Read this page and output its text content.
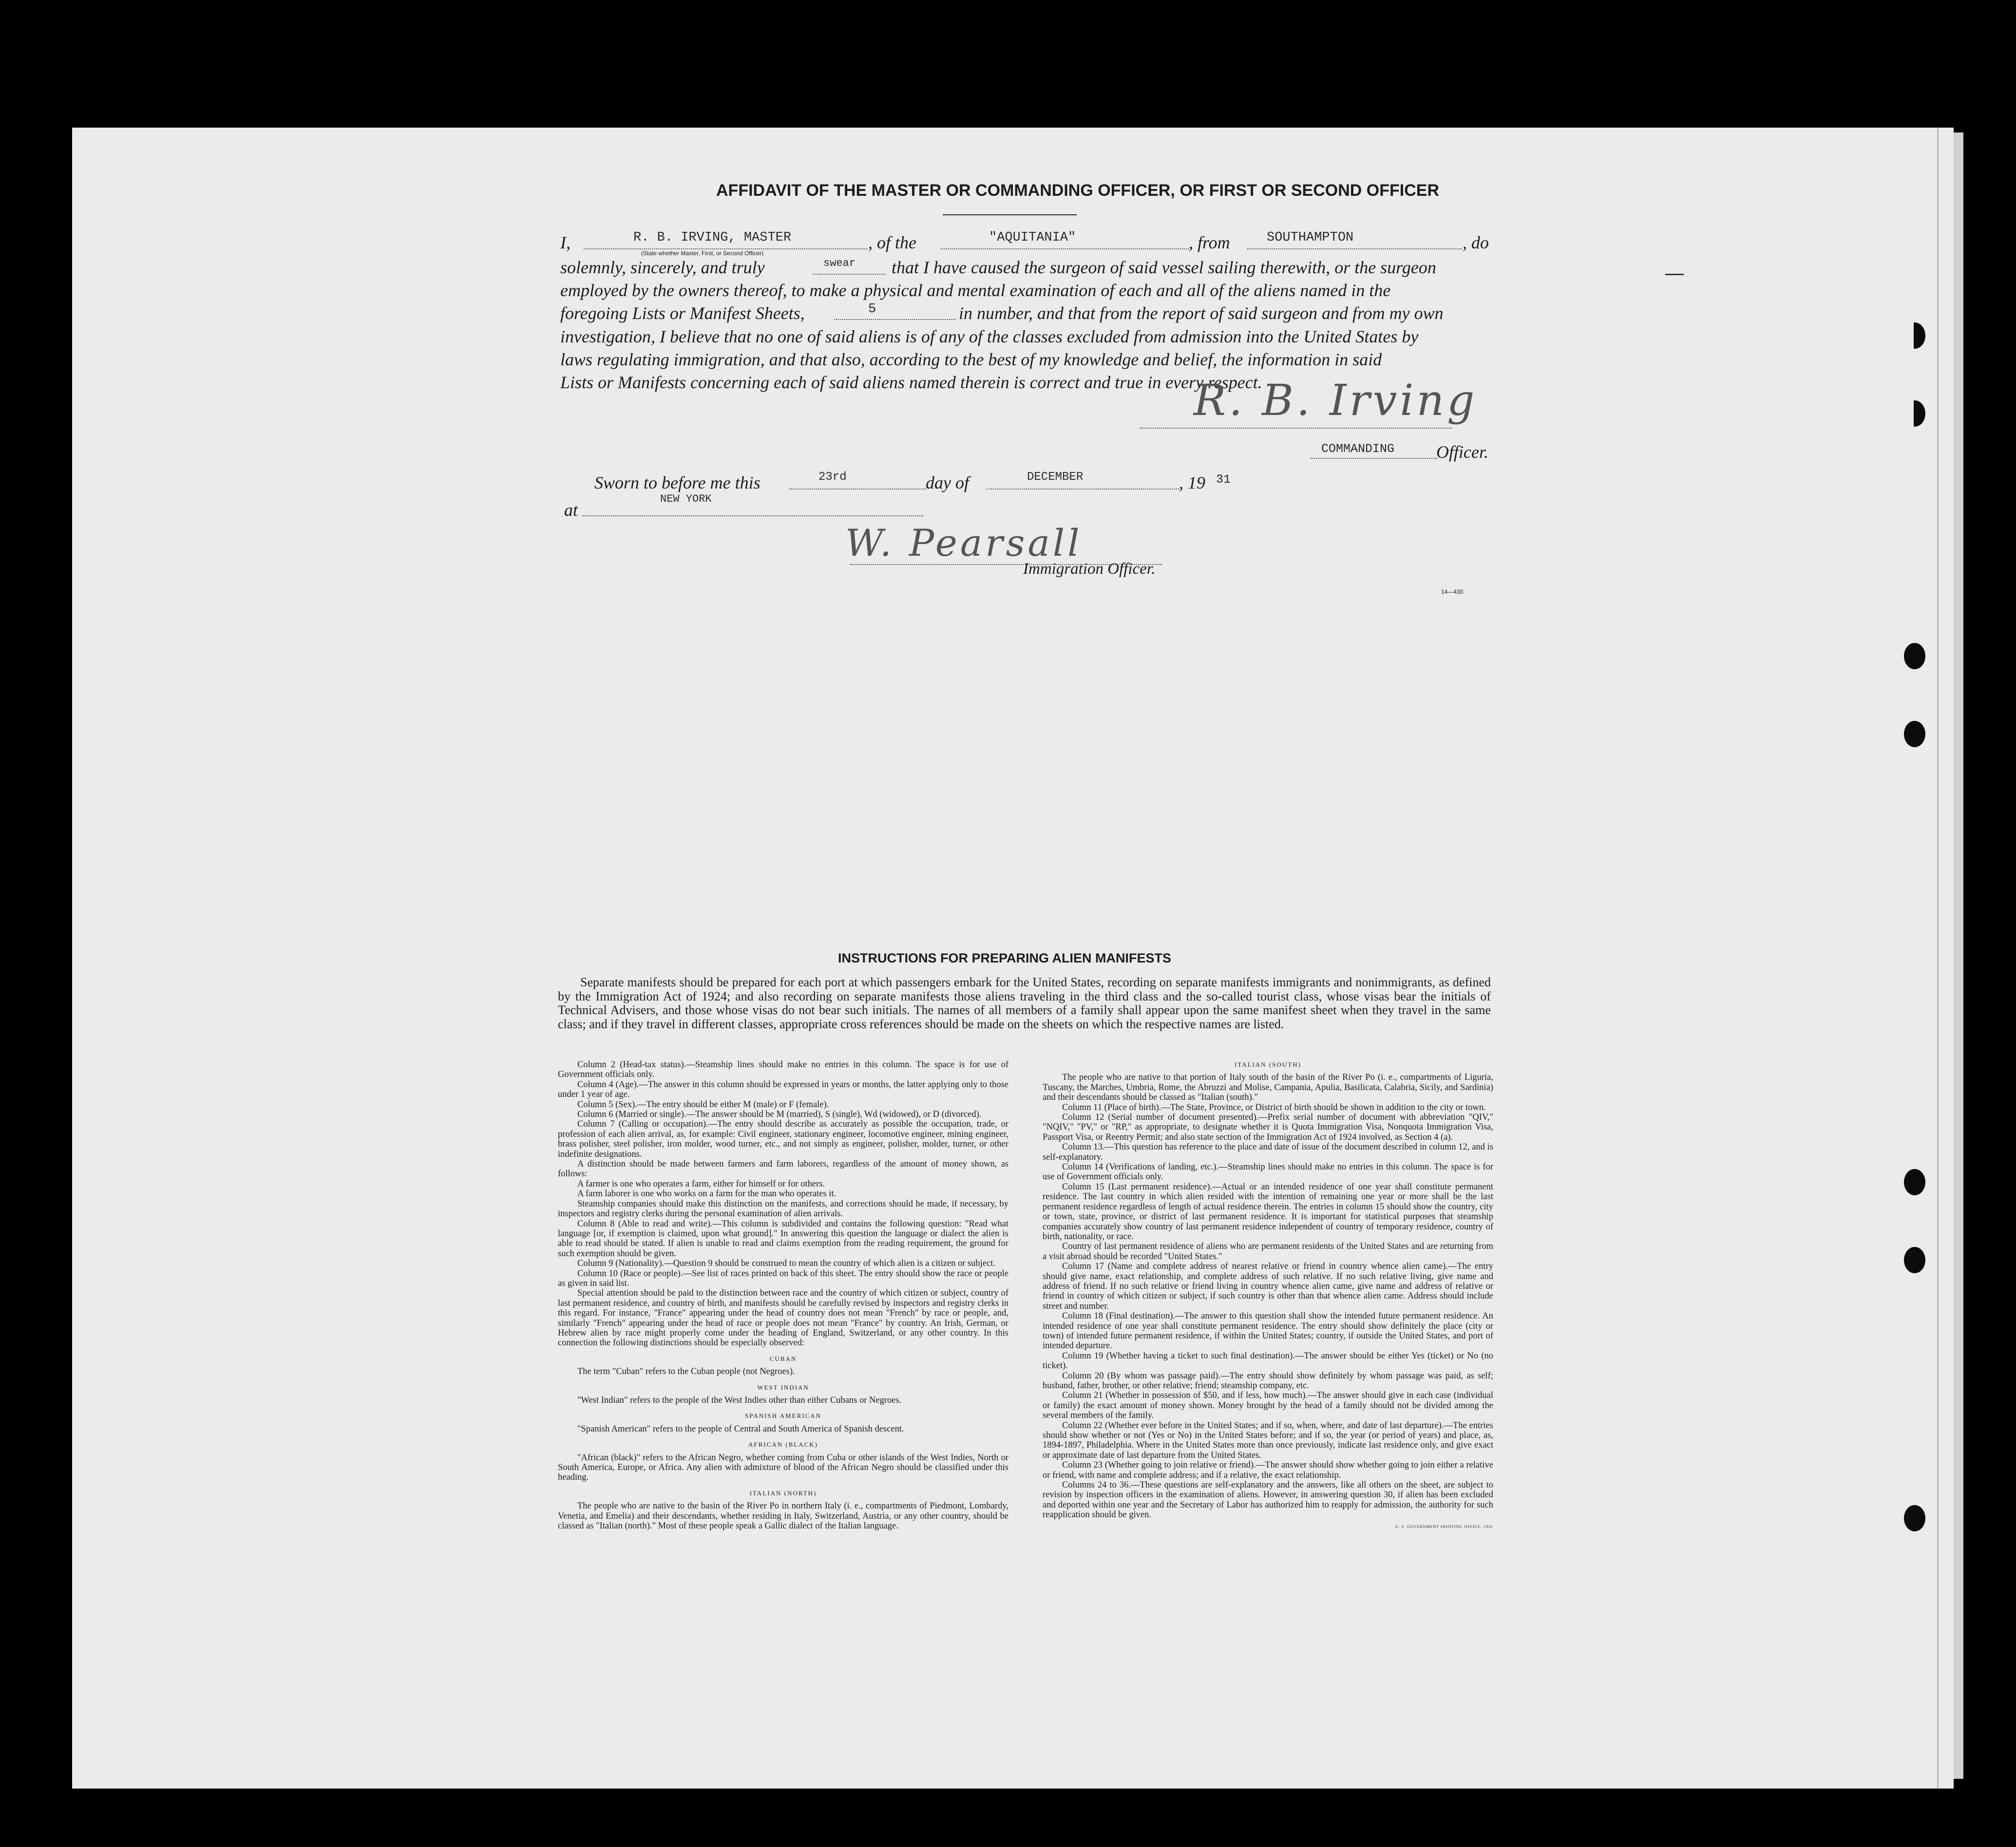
AFFIDAVIT OF THE MASTER OR COMMANDING OFFICER, OR FIRST OR SECOND OFFICER
I,	R. B. IRVING, MASTER
(State whether Master, First, or Second Officer)
, of the	"AQUITANIA"	, from	SOUTHAMPTON	, do
solemnly, sincerely, and truly	swear that I have caused the surgeon of said vessel sailing therewith, or the surgeon
employed by the owners thereof, to make a physical and mental examination of each and all of the aliens named in the
foregoing Lists or Manifest Sheets,	5	in number, and that from the report of said surgeon and from my own
investigation, I believe that no one of said aliens is of any of the classes excluded from admission into the United States by
laws regulating immigration, and that also, according to the best of my knowledge and belief, the information in said
Lists or Manifests concerning each of said aliens named therein is correct and true in every respect.
R. B. Irving
COMMANDING Officer.
Sworn to before me this	23rd	day of	DECEMBER	, 19 31
at
NEW YORK
W. Pearsall
Immigration Officer.
14—430
INSTRUCTIONS FOR PREPARING ALIEN MANIFESTS
Separate manifests should be prepared for each port at which passengers embark for the United States, recording on separate manifests immigrants and nonimmigrants, as defined by the Immigration Act of 1924; and also recording on separate manifests those aliens traveling in the third class and the so-called tourist class, whose visas bear the initials of Technical Advisers, and those whose visas do not bear such initials. The names of all members of a family shall appear upon the same manifest sheet when they travel in the same class; and if they travel in different classes, appropriate cross references should be made on the sheets on which the respective names are listed.

Column 2 (Head-tax status).—Steamship lines should make no entries in this column. The space is for use of Government officials only.

Column 4 (Age).—The answer in this column should be expressed in years or months, the latter applying only to those under 1 year of age.

Column 5 (Sex).—The entry should be either M (male) or F (female).

Column 6 (Married or single).—The answer should be M (married), S (single), Wd (widowed), or D (divorced).

Column 7 (Calling or occupation).—The entry should describe as accurately as possible the occupation, trade, or profession of each alien arrival, as, for example: Civil engineer, stationary engineer, locomotive engineer, mining engineer, brass polisher, steel polisher, iron molder, wood turner, etc., and not simply as engineer, polisher, molder, turner, or other indefinite designations.

A distinction should be made between farmers and farm laborers, regardless of the amount of money shown, as follows:

A farmer is one who operates a farm, either for himself or for others.

A farm laborer is one who works on a farm for the man who operates it.

Steamship companies should make this distinction on the manifests, and corrections should be made, if necessary, by inspectors and registry clerks during the personal examination of alien arrivals.

Column 8 (Able to read and write).—This column is subdivided and contains the following question: "Read what language [or, if exemption is claimed, upon what ground]." In answering this question the language or dialect the alien is able to read should be stated. If alien is unable to read and claims exemption from the reading requirement, the ground for such exemption should be given.

Column 9 (Nationality).—Question 9 should be construed to mean the country of which alien is a citizen or subject.

Column 10 (Race or people).—See list of races printed on back of this sheet. The entry should show the race or people as given in said list.

Special attention should be paid to the distinction between race and the country of which citizen or subject, country of last permanent residence, and country of birth, and manifests should be carefully revised by inspectors and registry clerks in this regard. For instance, "France" appearing under the head of country does not mean "French" by race or people, and, similarly "French" appearing under the head of race or people does not mean "France" by country. An Irish, German, or Hebrew alien by race might properly come under the heading of England, Switzerland, or any other country. In this connection the following distinctions should be especially observed:

CUBAN

The term "Cuban" refers to the Cuban people (not Negroes).

WEST INDIAN

"West Indian" refers to the people of the West Indies other than either Cubans or Negroes.

SPANISH AMERICAN

"Spanish American" refers to the people of Central and South America of Spanish descent.

AFRICAN (BLACK)

"African (black)" refers to the African Negro, whether coming from Cuba or other islands of the West Indies, North or South America, Europe, or Africa. Any alien with admixture of blood of the African Negro should be classified under this heading.

ITALIAN (NORTH)

The people who are native to the basin of the River Po in northern Italy (i. e., compartments of Piedmont, Lombardy, Venetia, and Emelia) and their descendants, whether residing in Italy, Switzerland, Austria, or any other country, should be classed as "Italian (north)." Most of these people speak a Gallic dialect of the Italian language.

ITALIAN (SOUTH)

The people who are native to that portion of Italy south of the basin of the River Po (i. e., compartments of Liguria, Tuscany, the Marches, Umbria, Rome, the Abruzzi and Molise, Campania, Apulia, Basilicata, Calabria, Sicily, and Sardinia) and their descendants should be classed as "Italian (south)."

Column 11 (Place of birth).—The State, Province, or District of birth should be shown in addition to the city or town.

Column 12 (Serial number of document presented).—Prefix serial number of document with abbreviation "QIV," "NQIV," "PV," or "RP," as appropriate, to designate whether it is Quota Immigration Visa, Nonquota Immigration Visa, Passport Visa, or Reentry Permit; and also state section of the Immigration Act of 1924 involved, as Section 4 (a).

Column 13.—This question has reference to the place and date of issue of the document described in column 12, and is self-explanatory.

Column 14 (Verifications of landing, etc.).—Steamship lines should make no entries in this column. The space is for use of Government officials only.

Column 15 (Last permanent residence).—Actual or an intended residence of one year shall constitute permanent residence. The last country in which alien resided with the intention of remaining one year or more shall be the last permanent residence regardless of length of actual residence therein. The entries in column 15 should show the country, city or town, state, province, or district of last permanent residence. It is important for statistical purposes that steamship companies accurately show country of last permanent residence independent of country of temporary residence, country of birth, nationality, or race.

Country of last permanent residence of aliens who are permanent residents of the United States and are returning from a visit abroad should be recorded "United States."

Column 17 (Name and complete address of nearest relative or friend in country whence alien came).—The entry should give name, exact relationship, and complete address of such relative. If no such relative living, give name and address of friend. If no such relative or friend living in country whence alien came, give name and address of relative or friend in country of which citizen or subject, if such country is other than that whence alien came. Address should include street and number.

Column 18 (Final destination).—The answer to this question shall show the intended future permanent residence. An intended residence of one year shall constitute permanent residence. The entry should show definitely the place (city or town) of intended future permanent residence, if within the United States; country, if outside the United States, and port of intended departure.

Column 19 (Whether having a ticket to such final destination).—The answer should be either Yes (ticket) or No (no ticket).

Column 20 (By whom was passage paid).—The entry should show definitely by whom passage was paid, as self; husband, father, brother, or other relative; friend; steamship company, etc.

Column 21 (Whether in possession of $50, and if less, how much).—The answer should give in each case (individual or family) the exact amount of money shown. Money brought by the head of a family should not be divided among the several members of the family.

Column 22 (Whether ever before in the United States; and if so, when, where, and date of last departure).—The entries should show whether or not (Yes or No) in the United States before; and if so, the year (or period of years) and place, as, 1894-1897, Philadelphia. Where in the United States more than once previously, indicate last residence only, and give exact or approximate date of last departure from the United States.

Column 23 (Whether going to join relative or friend).—The answer should show whether going to join either a relative or friend, with name and complete address; and if a relative, the exact relationship.

Columns 24 to 36.—These questions are self-explanatory and the answers, like all others on the sheet, are subject to revision by inspection officers in the examination of aliens. However, in answering question 30, if alien has been excluded and deported within one year and the Secretary of Labor has authorized him to reapply for admission, the authority for such reapplication should be given.

U. S. GOVERNMENT PRINTING OFFICE: 1931
